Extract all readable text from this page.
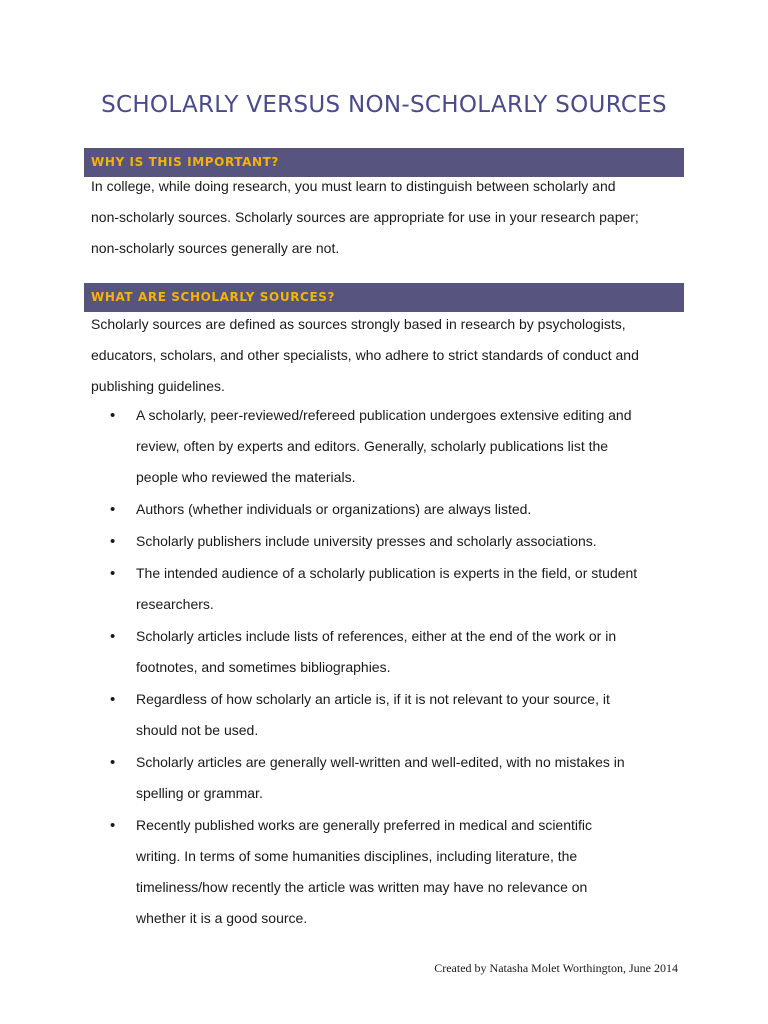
SCHOLARLY VERSUS NON-SCHOLARLY SOURCES
WHY IS THIS IMPORTANT?
In college, while doing research, you must learn to distinguish between scholarly and
non-scholarly sources. Scholarly sources are appropriate for use in your research paper;
non-scholarly sources generally are not.
WHAT ARE SCHOLARLY SOURCES?
Scholarly sources are defined as sources strongly based in research by psychologists,
educators, scholars, and other specialists, who adhere to strict standards of conduct and
publishing guidelines.
• A scholarly, peer-reviewed/refereed publication undergoes extensive editing and
review, often by experts and editors. Generally, scholarly publications list the
people who reviewed the materials.
• Authors (whether individuals or organizations) are always listed.
• Scholarly publishers include university presses and scholarly associations.
• The intended audience of a scholarly publication is experts in the field, or student
researchers.
• Scholarly articles include lists of references, either at the end of the work or in
footnotes, and sometimes bibliographies.
• Regardless of how scholarly an article is, if it is not relevant to your source, it
should not be used.
• Scholarly articles are generally well-written and well-edited, with no mistakes in
spelling or grammar.
• Recently published works are generally preferred in medical and scientific
writing. In terms of some humanities disciplines, including literature, the
timeliness/how recently the article was written may have no relevance on
whether it is a good source.
Created by Natasha Molet Worthington, June 2014
